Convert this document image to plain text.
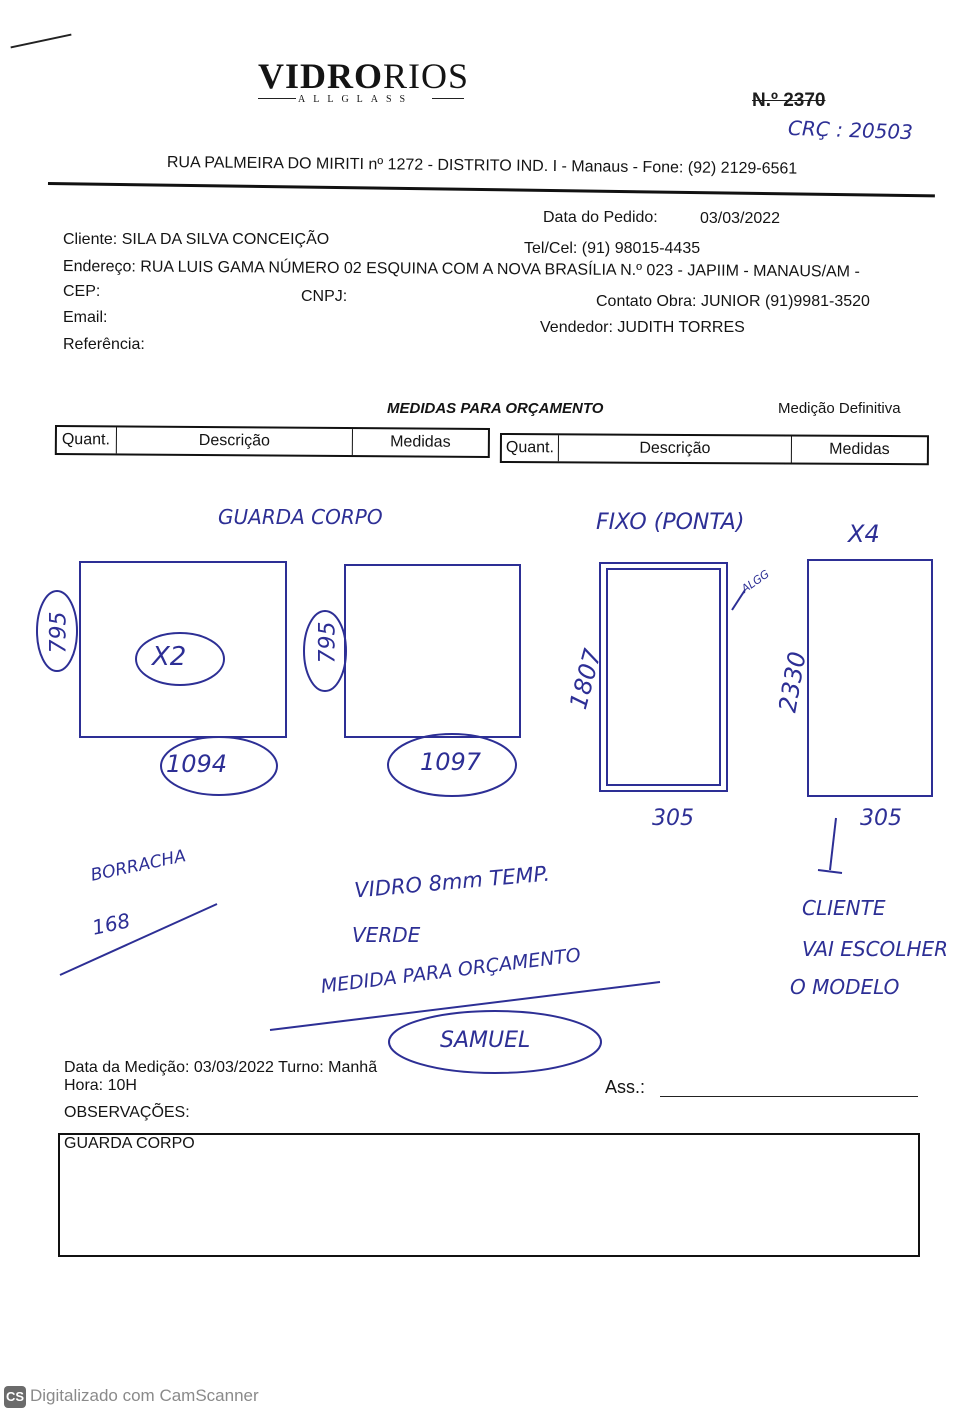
VIDRORIOS
ALLGLASS	N.º 2370
CRÇ : 20503
RUA PALMEIRA DO MIRITI nº 1272 - DISTRITO IND. I - Manaus - Fone: (92) 2129-6561
Data do Pedido:	03/03/2022
Cliente: SILA DA SILVA CONCEIÇÃO
Tel/Cel: (91) 98015-4435
Endereço: RUA LUIS GAMA NÚMERO 02 ESQUINA COM A NOVA BRASÍLIA N.º 023 - JAPIIM - MANAUS/AM -
CEP:	CNPJ:	Contato Obra: JUNIOR (91)9981-3520
Email:
Vendedor: JUDITH TORRES
Referência:
MEDIDAS PARA ORÇAMENTO	Medição Definitiva
Quant.	Descrição	Medidas	Quant.	Descrição	Medidas
GUARDA CORPO	FIXO (PONTA)	X4
X2
ALGG
795	795
1094	1097
1807	2330
305	305
BORRACHA
168
VIDRO 8mm TEMP.
VERDE
MEDIDA PARA ORÇAMENTO
SAMUEL
CLIENTE
VAI ESCOLHER
O MODELO
Data da Medição: 03/03/2022 Turno: Manhã
Hora: 10H	Ass.:
OBSERVAÇÕES:
GUARDA CORPO
CS Digitalizado com CamScanner
